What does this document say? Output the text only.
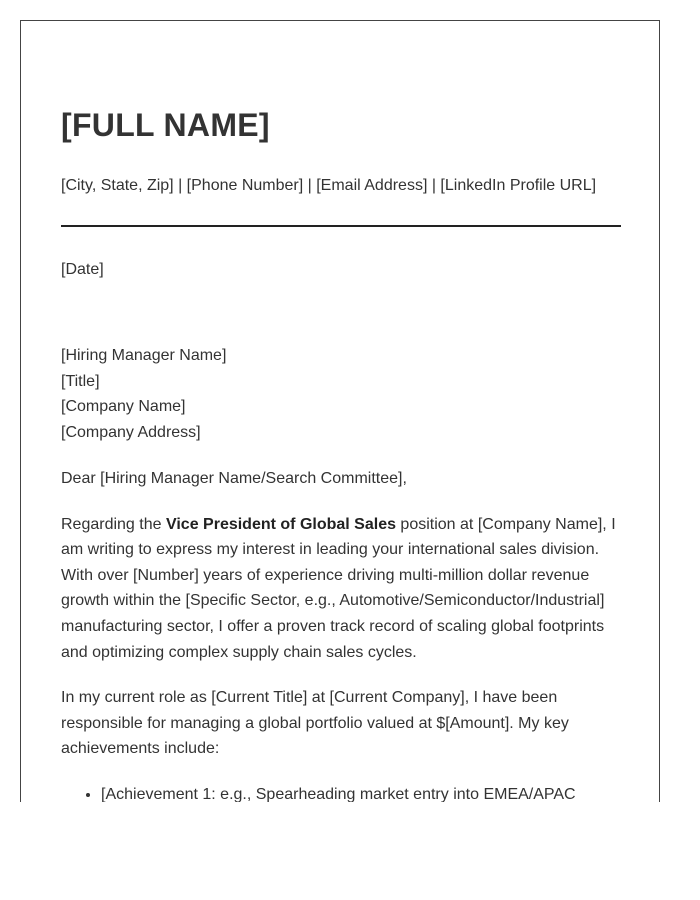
[FULL NAME]
[City, State, Zip] | [Phone Number] | [Email Address] | [LinkedIn Profile URL]
[Date]
[Hiring Manager Name]
[Title]
[Company Name]
[Company Address]

Dear [Hiring Manager Name/Search Committee],

Regarding the Vice President of Global Sales position at [Company Name], I am writing to express my interest in leading your international sales division. With over [Number] years of experience driving multi-million dollar revenue growth within the [Specific Sector, e.g., Automotive/Semiconductor/Industrial] manufacturing sector, I offer a proven track record of scaling global footprints and optimizing complex supply chain sales cycles.

In my current role as [Current Title] at [Current Company], I have been responsible for managing a global portfolio valued at $[Amount]. My key achievements include:

• [Achievement 1: e.g., Spearheading market entry into EMEA/APAC
